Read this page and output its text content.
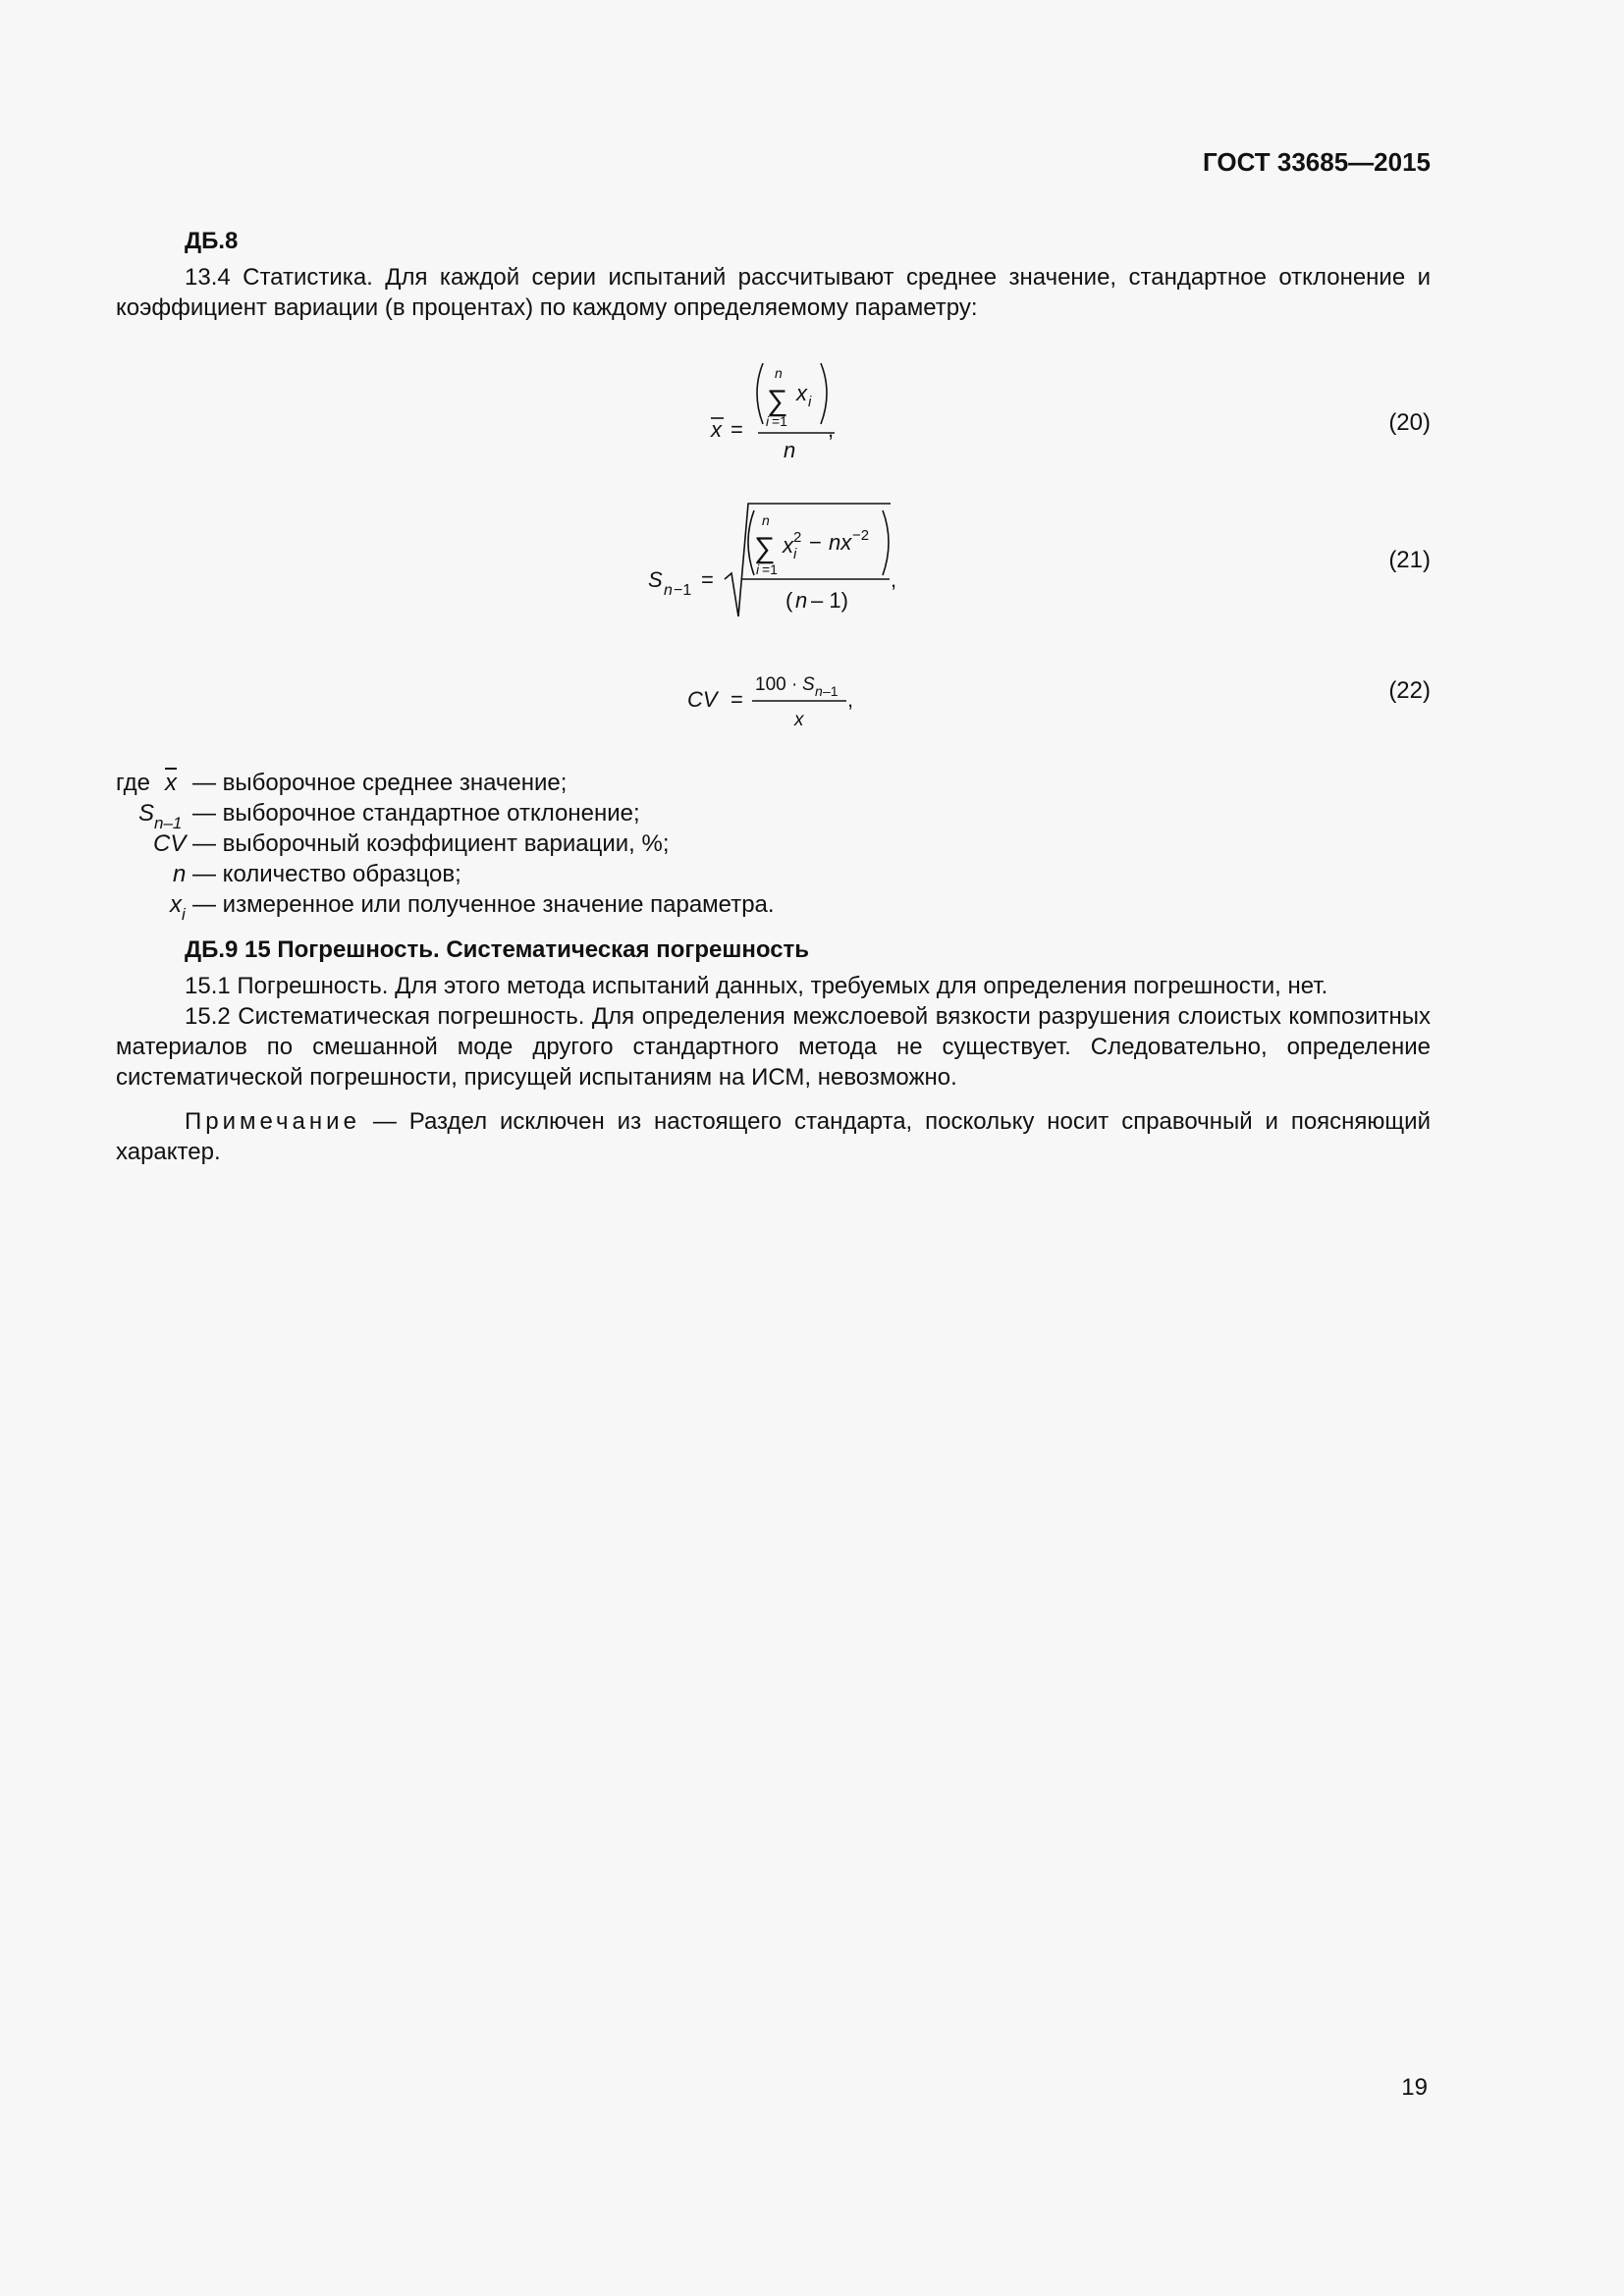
ГОСТ 33685—2015
ДБ.8
13.4 Статистика. Для каждой серии испытаний рассчитывают среднее значение, стандартное отклонение и коэффициент вариации (в процентах) по каждому определяемому параметру:
x =
n
∑
i =1
x i
,
n
(20)
S n −1 =
n
∑
i =1
x 2
i − nx −2
,
( n – 1)
(21)
CV =
100 · S n –1 ,
x
(22)
где $\overline{x}$ — выборочное среднее значение;
$S_{n-1}$ — выборочное стандартное отклонение;
CV — выборочный коэффициент вариации, %;
n — количество образцов;
$x_i$ — измеренное или полученное значение параметра.
ДБ.9 15 Погрешность. Систематическая погрешность
15.1 Погрешность. Для этого метода испытаний данных, требуемых для определения погрешности, нет.
15.2 Систематическая погрешность. Для определения межслоевой вязкости разрушения слоистых композитных материалов по смешанной моде другого стандартного метода не существует. Следовательно, определение систематической погрешности, присущей испытаниям на ИСМ, невозможно.
Примечание — Раздел исключен из настоящего стандарта, поскольку носит справочный и поясняющий характер.
19
